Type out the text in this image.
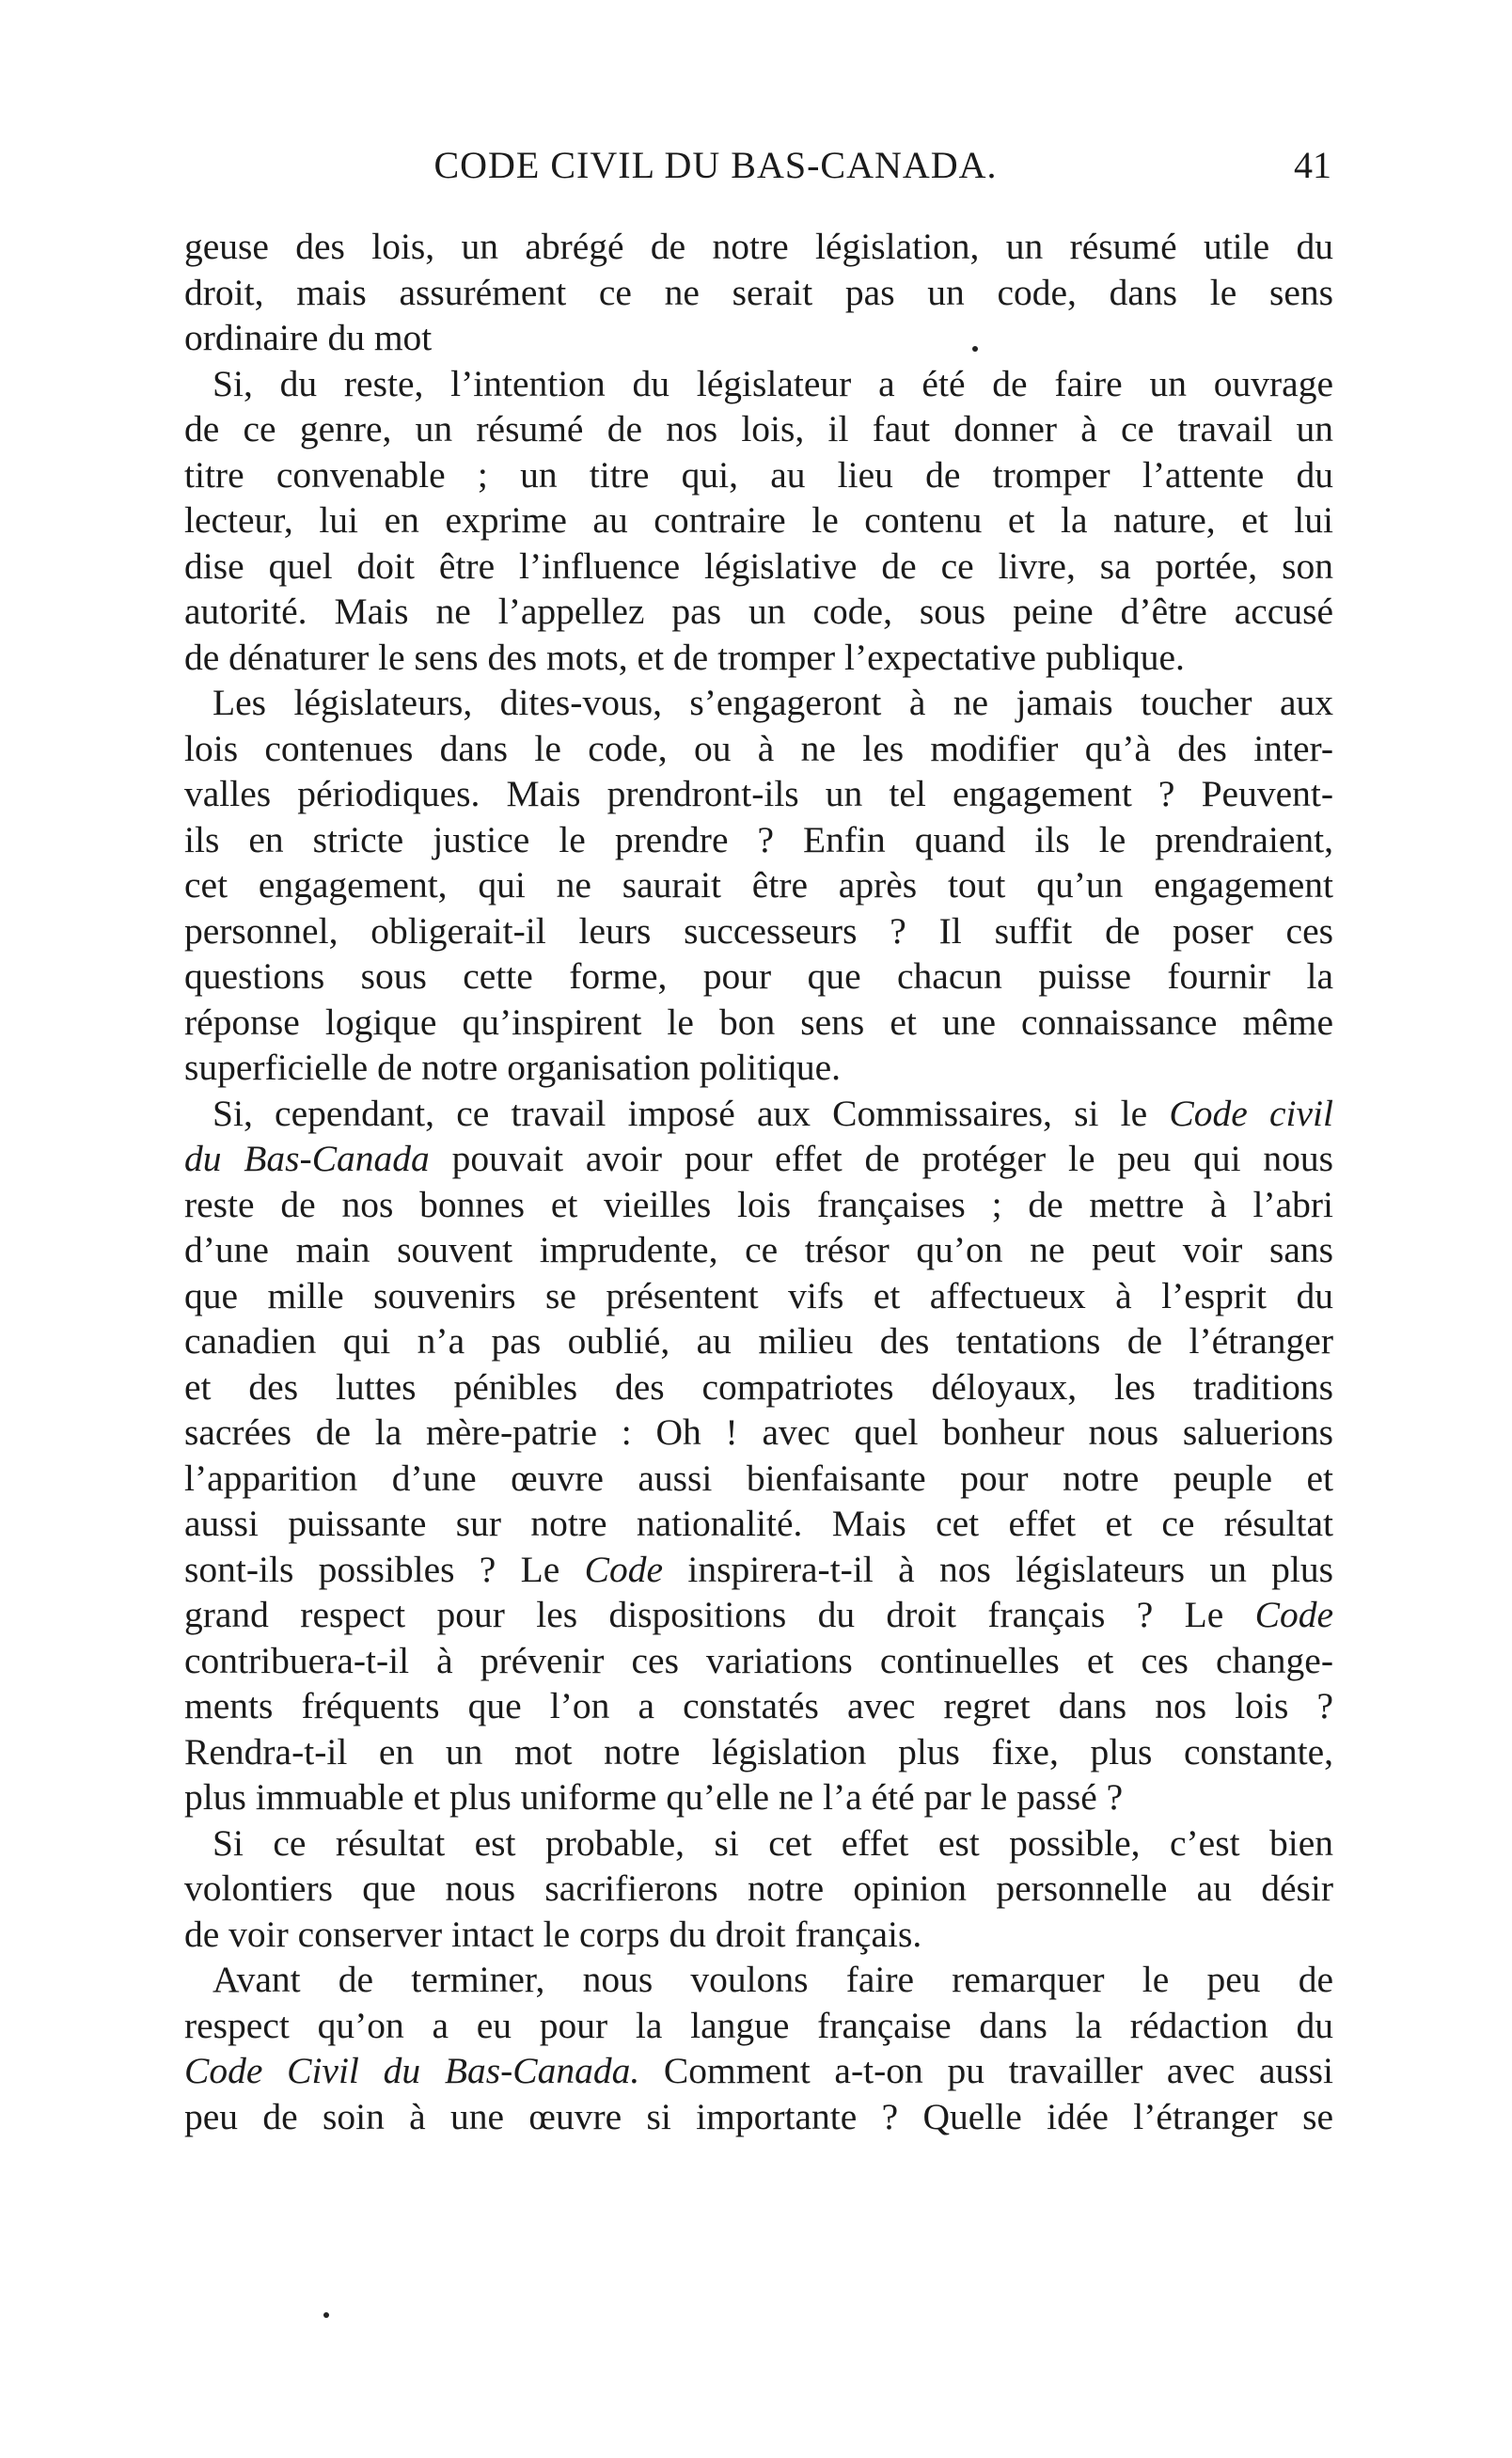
CODE CIVIL DU BAS-CANADA.	41

geuse des lois, un abrégé de notre législation, un résumé utile du
droit, mais assurément ce ne serait pas un code, dans le sens
ordinaire du mot

Si, du reste, l’intention du législateur a été de faire un ouvrage
de ce genre, un résumé de nos lois, il faut donner à ce travail un
titre convenable ; un titre qui, au lieu de tromper l’attente du
lecteur, lui en exprime au contraire le contenu et la nature, et lui
dise quel doit être l’influence législative de ce livre, sa portée, son
autorité. Mais ne l’appellez pas un code, sous peine d’être accusé
de dénaturer le sens des mots, et de tromper l’expectative publique.

Les législateurs, dites-vous, s’engageront à ne jamais toucher aux
lois contenues dans le code, ou à ne les modifier qu’à des inter-
valles périodiques. Mais prendront-ils un tel engagement ? Peuvent-
ils en stricte justice le prendre ? Enfin quand ils le prendraient,
cet engagement, qui ne saurait être après tout qu’un engagement
personnel, obligerait-il leurs successeurs ? Il suffit de poser ces
questions sous cette forme, pour que chacun puisse fournir la
réponse logique qu’inspirent le bon sens et une connaissance même
superficielle de notre organisation politique.

Si, cependant, ce travail imposé aux Commissaires, si le Code civil
du Bas-Canada pouvait avoir pour effet de protéger le peu qui nous
reste de nos bonnes et vieilles lois françaises ; de mettre à l’abri
d’une main souvent imprudente, ce trésor qu’on ne peut voir sans
que mille souvenirs se présentent vifs et affectueux à l’esprit du
canadien qui n’a pas oublié, au milieu des tentations de l’étranger
et des luttes pénibles des compatriotes déloyaux, les traditions
sacrées de la mère-patrie : Oh ! avec quel bonheur nous saluerions
l’apparition d’une œuvre aussi bienfaisante pour notre peuple et
aussi puissante sur notre nationalité. Mais cet effet et ce résultat
sont-ils possibles ? Le Code inspirera-t-il à nos législateurs un plus
grand respect pour les dispositions du droit français ? Le Code
contribuera-t-il à prévenir ces variations continuelles et ces change-
ments fréquents que l’on a constatés avec regret dans nos lois ?
Rendra-t-il en un mot notre législation plus fixe, plus constante,
plus immuable et plus uniforme qu’elle ne l’a été par le passé ?

Si ce résultat est probable, si cet effet est possible, c’est bien
volontiers que nous sacrifierons notre opinion personnelle au désir
de voir conserver intact le corps du droit français.

Avant de terminer, nous voulons faire remarquer le peu de
respect qu’on a eu pour la langue française dans la rédaction du
Code Civil du Bas-Canada. Comment a-t-on pu travailler avec aussi
peu de soin à une œuvre si importante ? Quelle idée l’étranger se
